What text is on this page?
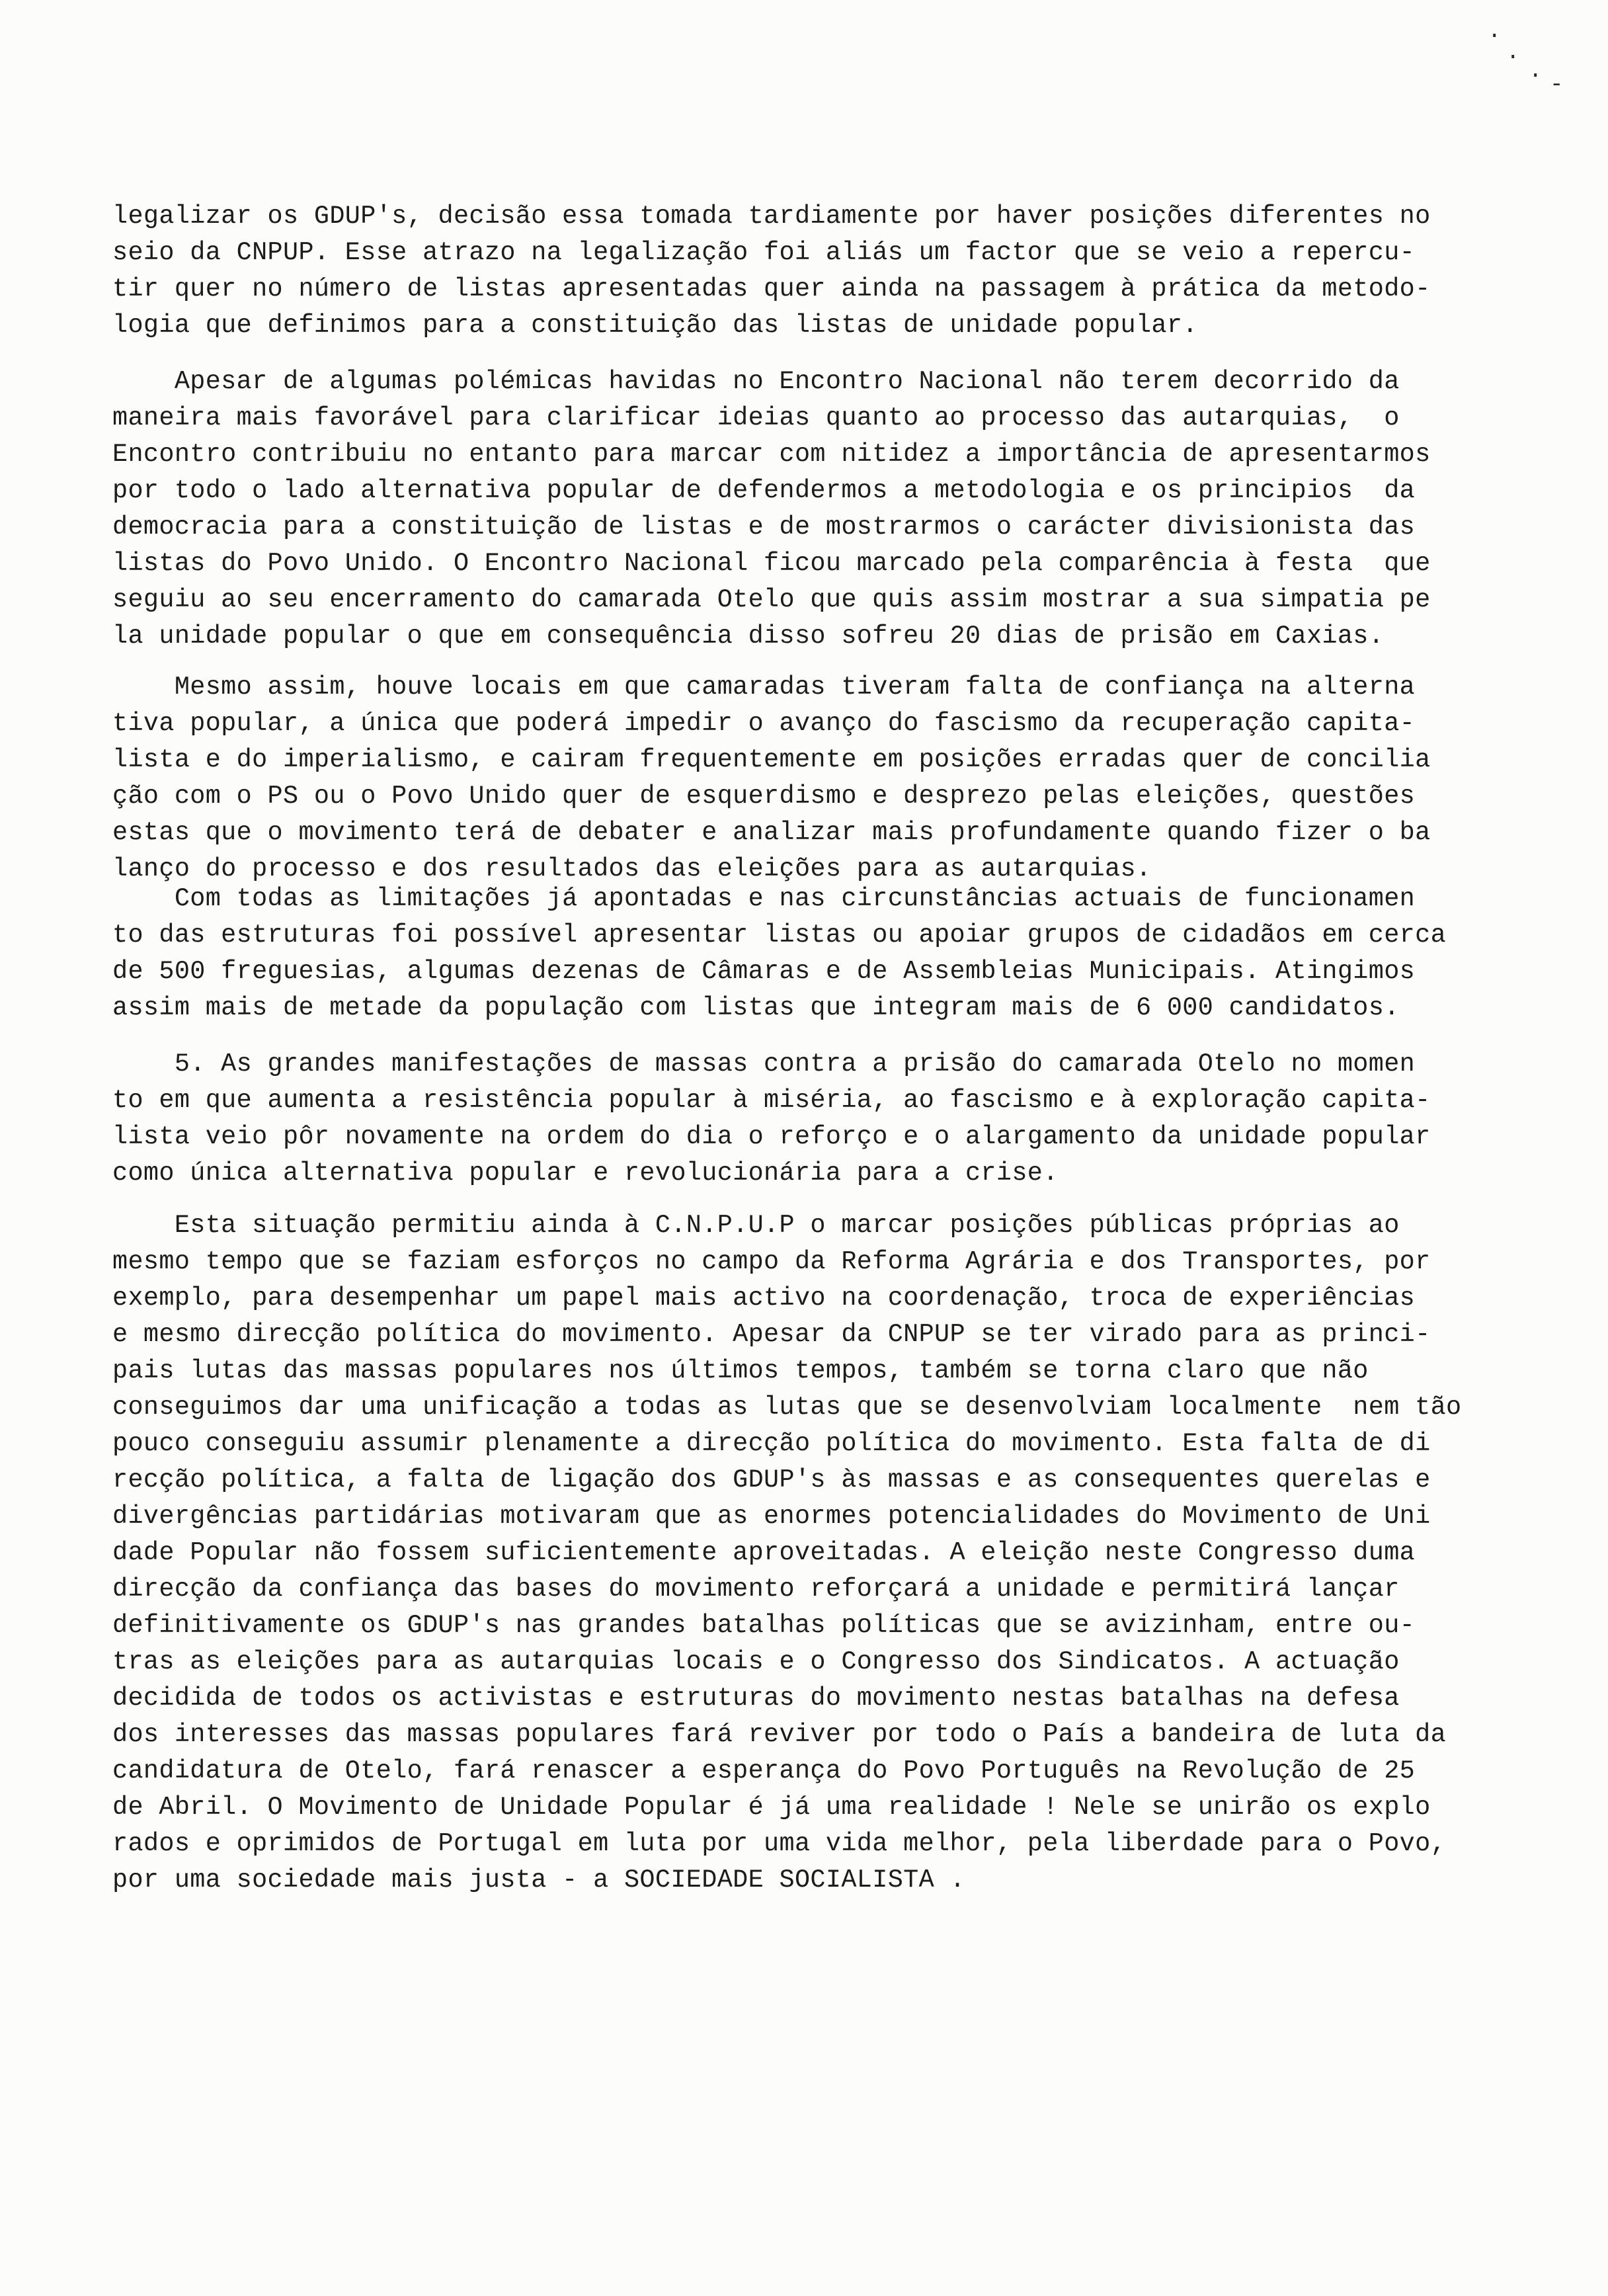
·
·
· -
legalizar os GDUP's, decisão essa tomada tardiamente por haver posições diferentes no
seio da CNPUP. Esse atrazo na legalização foi aliás um factor que se veio a repercu-
tir quer no número de listas apresentadas quer ainda na passagem à prática da metodo-
logia que definimos para a constituição das listas de unidade popular.
Apesar de algumas polémicas havidas no Encontro Nacional não terem decorrido da
maneira mais favorável para clarificar ideias quanto ao processo das autarquias,  o
Encontro contribuiu no entanto para marcar com nitidez a importância de apresentarmos
por todo o lado alternativa popular de defendermos a metodologia e os principios  da
democracia para a constituição de listas e de mostrarmos o carácter divisionista das
listas do Povo Unido. O Encontro Nacional ficou marcado pela comparência à festa  que
seguiu ao seu encerramento do camarada Otelo que quis assim mostrar a sua simpatia pe
la unidade popular o que em consequência disso sofreu 20 dias de prisão em Caxias.
Mesmo assim, houve locais em que camaradas tiveram falta de confiança na alterna
tiva popular, a única que poderá impedir o avanço do fascismo da recuperação capita-
lista e do imperialismo, e cairam frequentemente em posições erradas quer de concilia
ção com o PS ou o Povo Unido quer de esquerdismo e desprezo pelas eleições, questões
estas que o movimento terá de debater e analizar mais profundamente quando fizer o ba
lanço do processo e dos resultados das eleições para as autarquias.
Com todas as limitações já apontadas e nas circunstâncias actuais de funcionamen
to das estruturas foi possível apresentar listas ou apoiar grupos de cidadãos em cerca
de 500 freguesias, algumas dezenas de Câmaras e de Assembleias Municipais. Atingimos
assim mais de metade da população com listas que integram mais de 6 000 candidatos.
5. As grandes manifestações de massas contra a prisão do camarada Otelo no momen
to em que aumenta a resistência popular à miséria, ao fascismo e à exploração capita-
lista veio pôr novamente na ordem do dia o reforço e o alargamento da unidade popular
como única alternativa popular e revolucionária para a crise.
Esta situação permitiu ainda à C.N.P.U.P o marcar posições públicas próprias ao
mesmo tempo que se faziam esforços no campo da Reforma Agrária e dos Transportes, por
exemplo, para desempenhar um papel mais activo na coordenação, troca de experiências
e mesmo direcção política do movimento. Apesar da CNPUP se ter virado para as princi-
pais lutas das massas populares nos últimos tempos, também se torna claro que não
conseguimos dar uma unificação a todas as lutas que se desenvolviam localmente  nem tão
pouco conseguiu assumir plenamente a direcção política do movimento. Esta falta de di
recção política, a falta de ligação dos GDUP's às massas e as consequentes querelas e
divergências partidárias motivaram que as enormes potencialidades do Movimento de Uni
dade Popular não fossem suficientemente aproveitadas. A eleição neste Congresso duma
direcção da confiança das bases do movimento reforçará a unidade e permitirá lançar
definitivamente os GDUP's nas grandes batalhas políticas que se avizinham, entre ou-
tras as eleições para as autarquias locais e o Congresso dos Sindicatos. A actuação
decidida de todos os activistas e estruturas do movimento nestas batalhas na defesa
dos interesses das massas populares fará reviver por todo o País a bandeira de luta da
candidatura de Otelo, fará renascer a esperança do Povo Português na Revolução de 25
de Abril. O Movimento de Unidade Popular é já uma realidade ! Nele se unirão os explo
rados e oprimidos de Portugal em luta por uma vida melhor, pela liberdade para o Povo,
por uma sociedade mais justa - a SOCIEDADE SOCIALISTA .
